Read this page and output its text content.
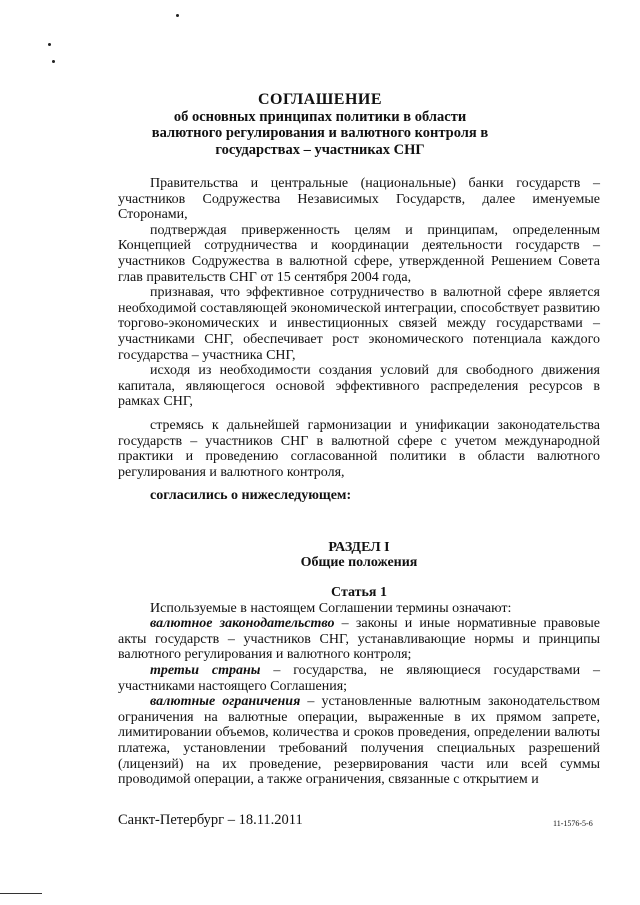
СОГЛАШЕНИЕ
об основных принципах политики в области
валютного регулирования и валютного контроля в
государствах – участниках СНГ
Правительства и центральные (национальные) банки государств – участников Содружества Независимых Государств, далее именуемые Сторонами,
подтверждая приверженность целям и принципам, определенным Концепцией сотрудничества и координации деятельности государств – участников Содружества в валютной сфере, утвержденной Решением Совета глав правительств СНГ от 15 сентября 2004 года,
признавая, что эффективное сотрудничество в валютной сфере является необходимой составляющей экономической интеграции, способствует развитию торгово-экономических и инвестиционных связей между государствами – участниками СНГ, обеспечивает рост экономического потенциала каждого государства – участника СНГ,
исходя из необходимости создания условий для свободного движения капитала, являющегося основой эффективного распределения ресурсов в рамках СНГ,
стремясь к дальнейшей гармонизации и унификации законодательства государств – участников СНГ в валютной сфере с учетом международной практики и проведению согласованной политики в области валютного регулирования и валютного контроля,
согласились о нижеследующем:
РАЗДЕЛ I
Общие положения
Статья 1
Используемые в настоящем Соглашении термины означают:
валютное законодательство – законы и иные нормативные правовые акты государств – участников СНГ, устанавливающие нормы и принципы валютного регулирования и валютного контроля;
третьи страны – государства, не являющиеся государствами – участниками настоящего Соглашения;
валютные ограничения – установленные валютным законодательством ограничения на валютные операции, выраженные в их прямом запрете, лимитировании объемов, количества и сроков проведения, определении валюты платежа, установлении требований получения специальных разрешений (лицензий) на их проведение, резервирования части или всей суммы проводимой операции, а также ограничения, связанные с открытием и
Санкт-Петербург – 18.11.2011	11-1576-5-6
